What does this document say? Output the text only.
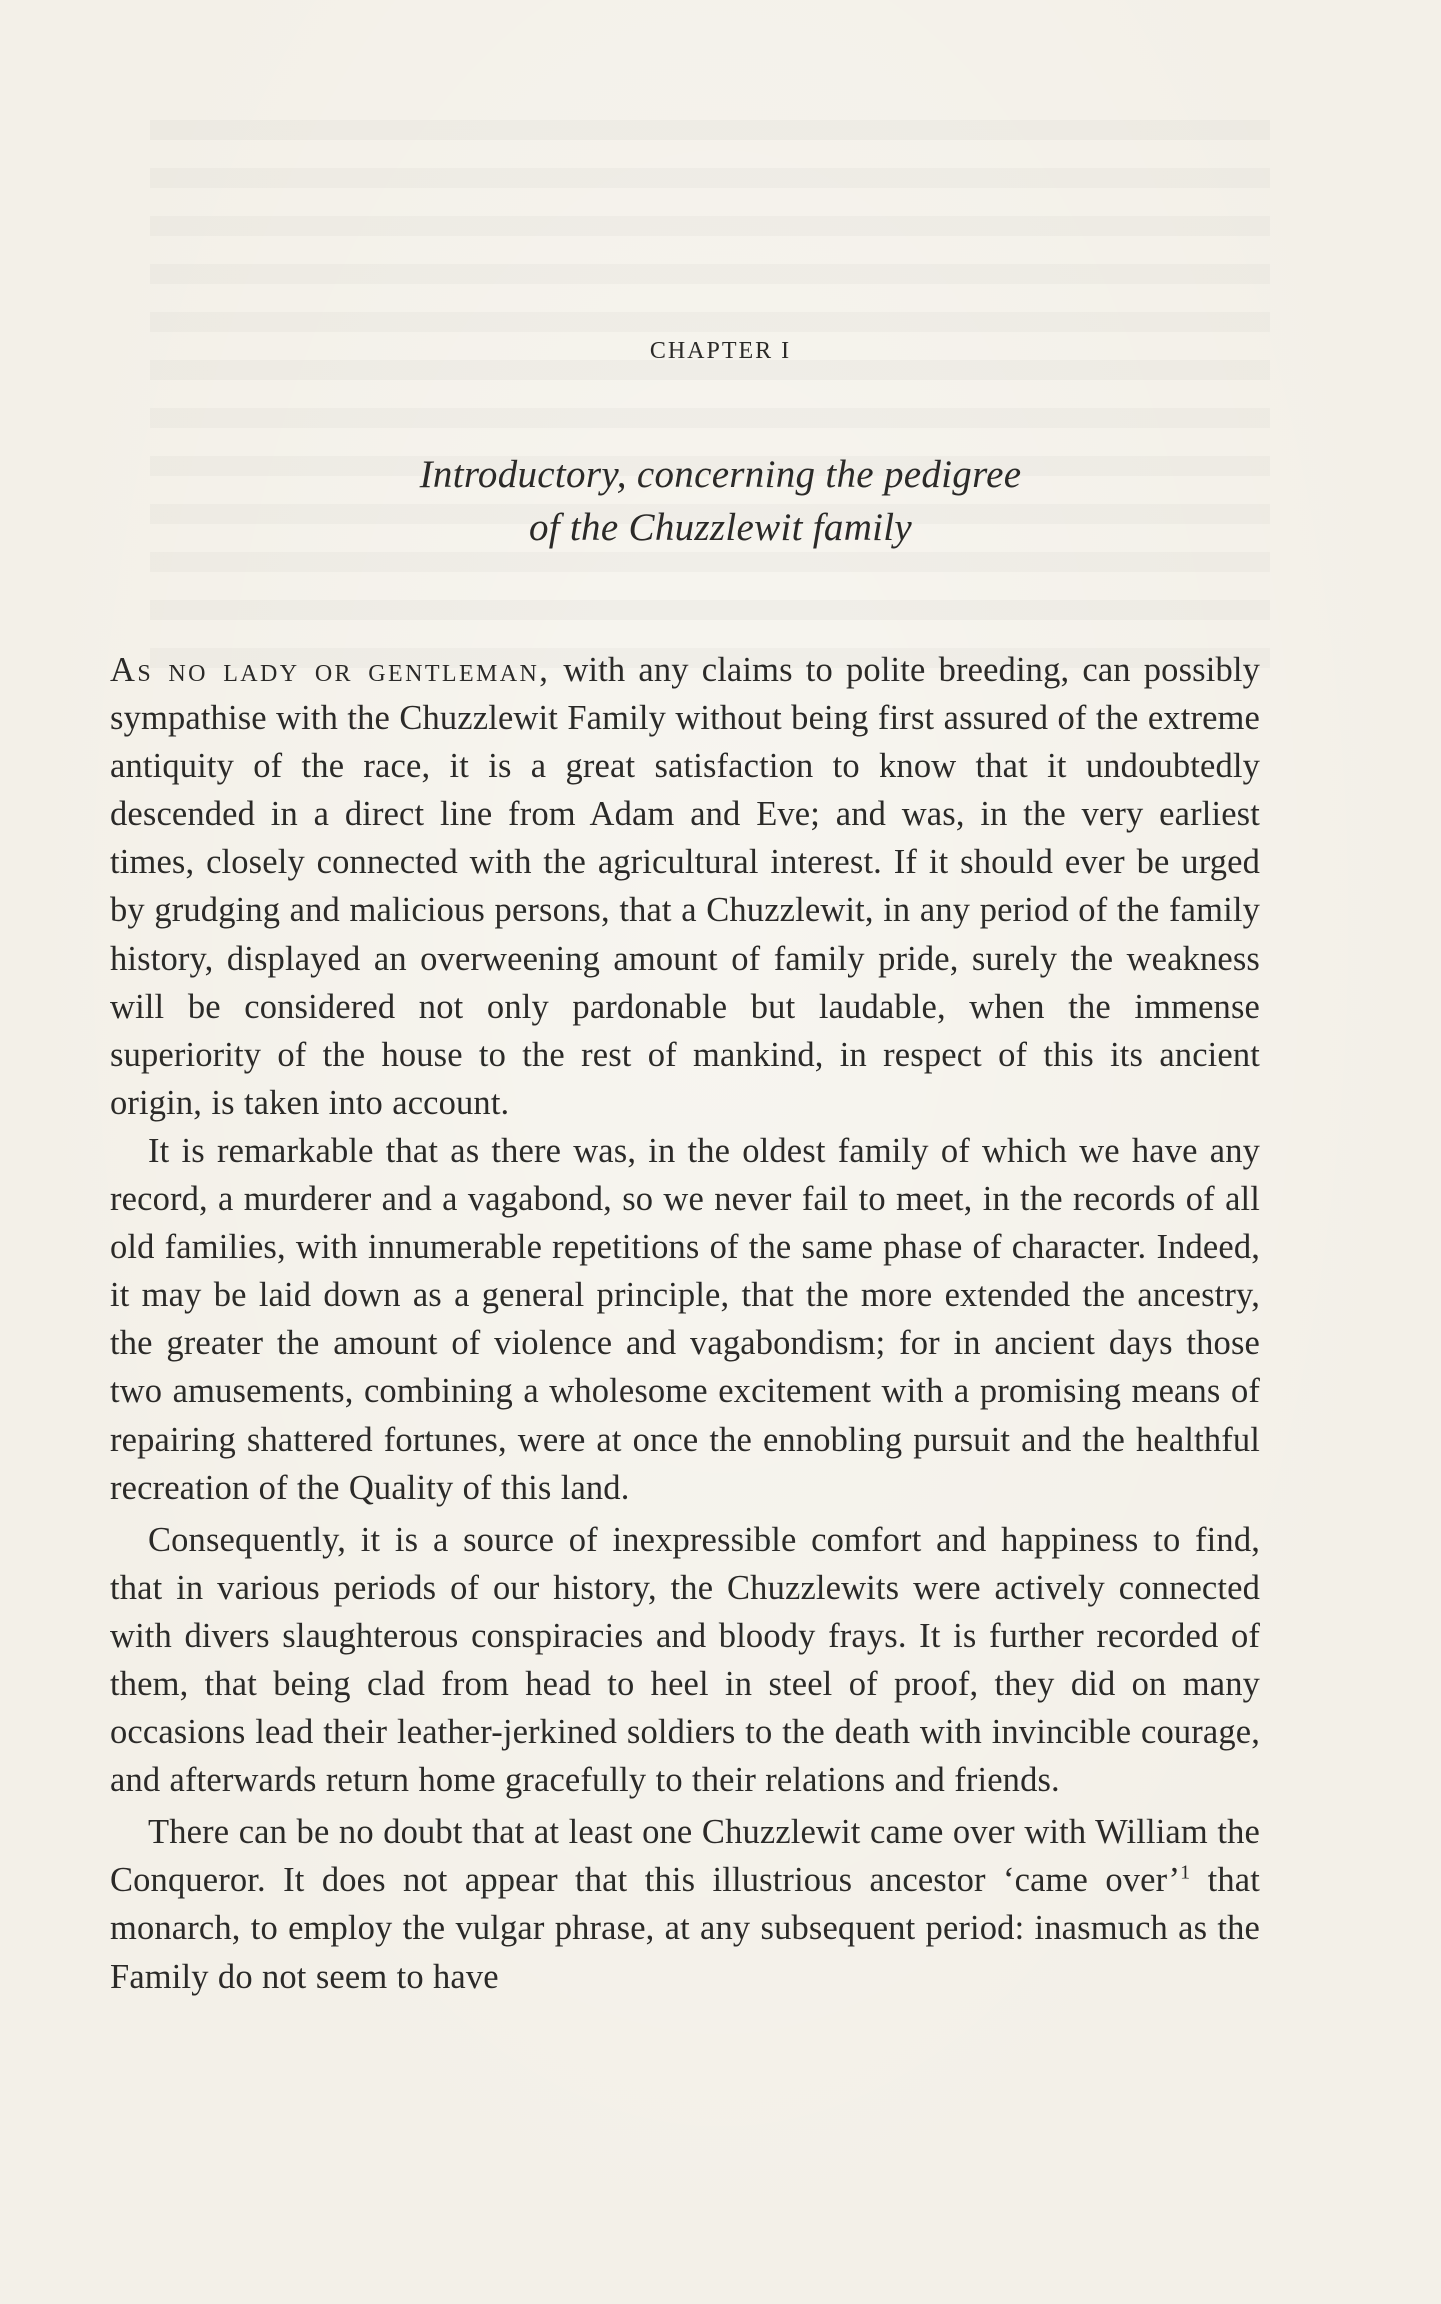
CHAPTER I
Introductory, concerning the pedigree
of the Chuzzlewit family

As no lady or gentleman, with any claims to polite breeding, can possibly sympathise with the Chuzzlewit Family without being first assured of the extreme antiquity of the race, it is a great satisfaction to know that it undoubtedly descended in a direct line from Adam and Eve; and was, in the very earliest times, closely connected with the agricultural interest. If it should ever be urged by grudging and malicious persons, that a Chuzzlewit, in any period of the family history, displayed an overweening amount of family pride, surely the weakness will be considered not only pardonable but laudable, when the immense superiority of the house to the rest of mankind, in respect of this its ancient origin, is taken into account.

It is remarkable that as there was, in the oldest family of which we have any record, a murderer and a vagabond, so we never fail to meet, in the records of all old families, with innumerable repetitions of the same phase of character. Indeed, it may be laid down as a general principle, that the more extended the ancestry, the greater the amount of violence and vagabondism; for in ancient days those two amusements, combining a wholesome excitement with a promising means of repairing shattered fortunes, were at once the ennobling pursuit and the healthful recreation of the Quality of this land.

Consequently, it is a source of inexpressible comfort and happiness to find, that in various periods of our history, the Chuzzlewits were actively connected with divers slaughterous conspiracies and bloody frays. It is further recorded of them, that being clad from head to heel in steel of proof, they did on many occasions lead their leather-jerkined soldiers to the death with invincible courage, and afterwards return home gracefully to their relations and friends.

There can be no doubt that at least one Chuzzlewit came over with William the Conqueror. It does not appear that this illustrious ancestor ‘came over’$^1$ that monarch, to employ the vulgar phrase, at any subsequent period: inasmuch as the Family do not seem to have
